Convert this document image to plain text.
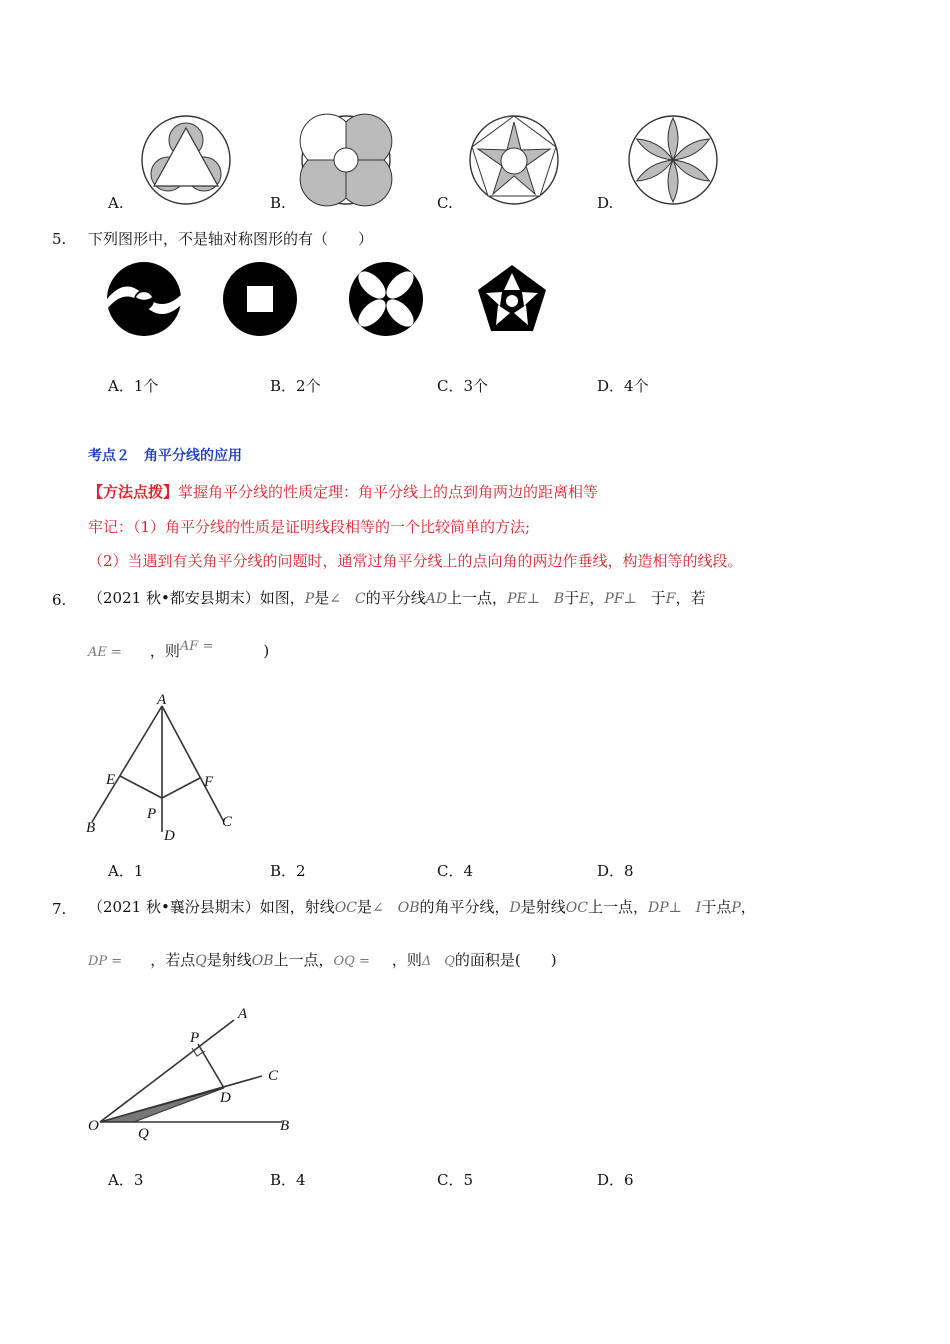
A.	B.	C.	D.
5. 下列图形中，不是轴对称图形的有（　　）
A．1个	B．2个	C．3个	D．4个
考点２　角平分线的应用
【方法点拨】掌握角平分线的性质定理：角平分线上的点到角两边的距离相等
牢记：（1）角平分线的性质是证明线段相等的一个比较简单的方法;
（2）当遇到有关角平分线的问题时，通常过角平分线上的点向角的两边作垂线，构造相等的线段。
6. （2021 秋•都安县期末）如图，P是∠　C的平分线AD上一点，PE⊥　B于E，PF⊥　于F，若
AE = ，则AF =	)
A
E	F
P
B	D
C
A．1	B．2	C．4	D．8
7. （2021 秋•襄汾县期末）如图，射线OC是∠　OB的角平分线，D是射线OC上一点，DP⊥　I于点P，
DP = ，若点Q是射线OB上一点，OQ = ，则Δ　Q的面积是(　　)
A
P
C
D
O	Q	B
A．3	B．4	C．5	D．6
